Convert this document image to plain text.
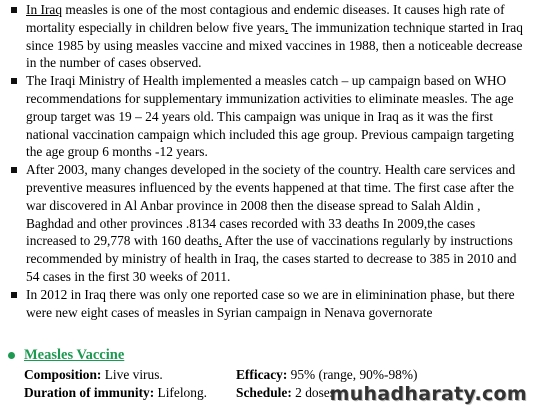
In Iraq measles is one of the most contagious and endemic diseases. It causes high rate of mortality especially in children below five years. The immunization technique started in Iraq since 1985 by using measles vaccine and mixed vaccines in 1988, then a noticeable decrease in the number of cases observed.

The Iraqi Ministry of Health implemented a measles catch – up campaign based on WHO recommendations for supplementary immunization activities to eliminate measles. The age group target was 19 – 24 years old. This campaign was unique in Iraq as it was the first national vaccination campaign which included this age group. Previous campaign targeting the age group 6 months -12 years.

After 2003, many changes developed in the society of the country. Health care services and preventive measures influenced by the events happened at that time. The first case after the war discovered in Al Anbar province in 2008 then the disease spread to Salah Aldin , Baghdad and other provinces .8134 cases recorded with 33 deaths In 2009,the cases increased to 29,778 with 160 deaths. After the use of vaccinations regularly by instructions recommended by ministry of health in Iraq, the cases started to decrease to 385 in 2010 and 54 cases in the first 30 weeks of 2011.

In 2012 in Iraq there was only one reported case so we are in eliminination phase, but there were new eight cases of measles in Syrian campaign in Nenava governorate

Measles Vaccine
Composition: Live virus.	Efficacy: 95% (range, 90%-98%)
Duration of immunity: Lifelong. Schedule: 2 doses
muhadharaty.com
